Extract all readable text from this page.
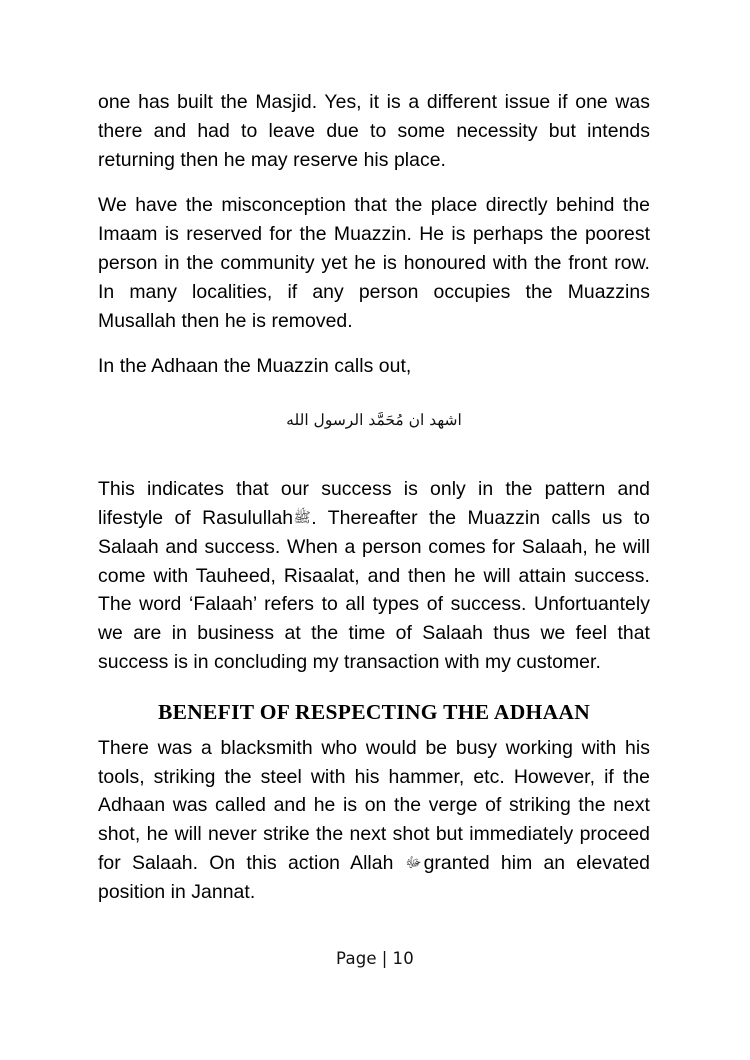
one has built the Masjid. Yes, it is a different issue if one was there and had to leave due to some necessity but intends returning then he may reserve his place.

We have the misconception that the place directly behind the Imaam is reserved for the Muazzin. He is perhaps the poorest person in the community yet he is honoured with the front row. In many localities, if any person occupies the Muazzins Musallah then he is removed.

In the Adhaan the Muazzin calls out,

اشهد ان مُحَمَّد الرسول الله

This indicates that our success is only in the pattern and lifestyle of Rasulullahﷺ. Thereafter the Muazzin calls us to Salaah and success. When a person comes for Salaah, he will come with Tauheed, Risaalat, and then he will attain success. The word ‘Falaah’ refers to all types of success. Unfortuantely we are in business at the time of Salaah thus we feel that success is in concluding my transaction with my customer.

BENEFIT OF RESPECTING THE ADHAAN

There was a blacksmith who would be busy working with his tools, striking the steel with his hammer, etc. However, if the Adhaan was called and he is on the verge of striking the next shot, he will never strike the next shot but immediately proceed for Salaah. On this action Allah ﷻ granted him an elevated position in Jannat.

Page | 10
